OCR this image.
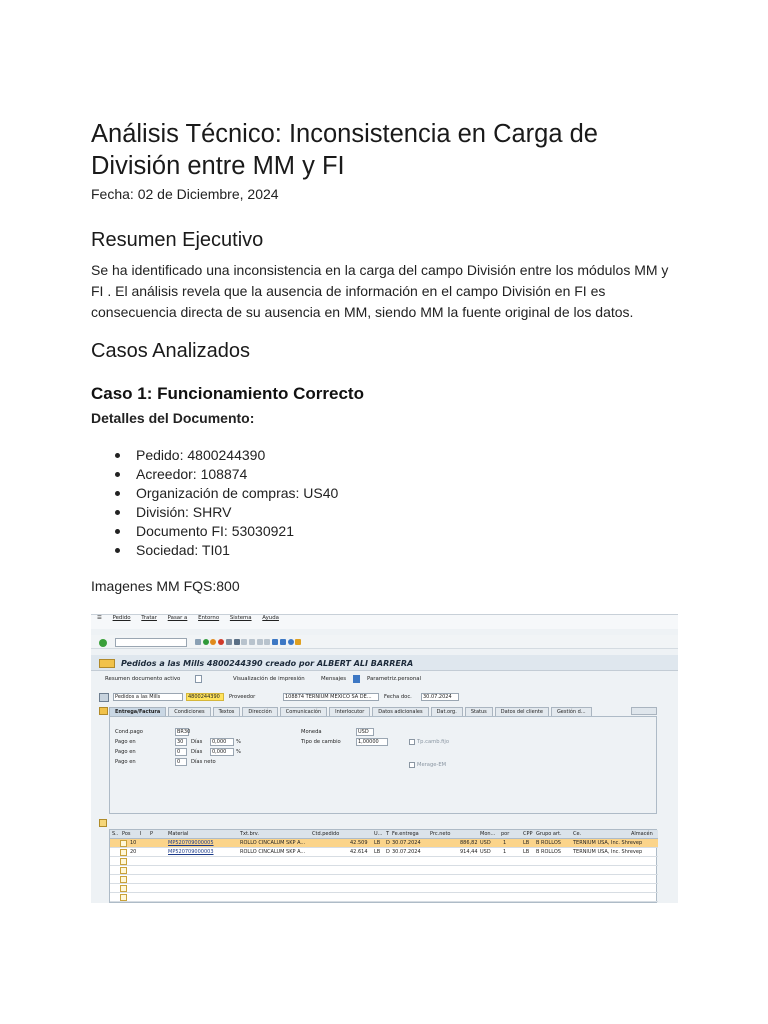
Análisis Técnico: Inconsistencia en Carga de División entre MM y FI
Fecha: 02 de Diciembre, 2024
Resumen Ejecutivo
Se ha identificado una inconsistencia en la carga del campo División entre los módulos MM y FI . El análisis revela que la ausencia de información en el campo División en FI es consecuencia directa de su ausencia en MM, siendo MM la fuente original de los datos.
Casos Analizados
Caso 1: Funcionamiento Correcto
Detalles del Documento:
Pedido: 4800244390
Acreedor: 108874
Organización de compras: US40
División: SHRV
Documento FI: 53030921
Sociedad: TI01
Imagenes MM FQS:800
☰ Pedido Tratar Pasar a Entorno Sistema Ayuda

Pedidos a las Mills 4800244390 creado por ALBERT ALI BARRERA
Resumen documento activo	Visualización de impresión	Mensajes	Parametriz.personal
Pedidos a las Mills	4800244390	Proveedor	108874 TERNIUM MEXICO SA DE...	Fecha doc.	30.07.2024
Entrega/Factura	Condiciones	Textos	Dirección	Comunicación	Interlocutor	Datos adicionales	Dat.org.	Status	Datos del cliente	Gestión d...
Cond.pago	BR30
Pago en	30	Días	0,000	%
Pago en	0	Días	0,000	%
Pago en	0	Días neto
Moneda	USD
Tipo de cambio	1,00000	Tp.camb.fijo
Merage-EM
S.. Pos I P	Material	Txt.brv.	Ctd.pedido	U... T Fe.entrega Prc.neto	Mon... por	CPP Grupo art. Ce.	Almacén
10	MP520709000005	ROLLO CINCALUM SKP A...	42.509 LB D 30.07.2024	886,82 USD 1	LB B ROLLOS TERNIUM USA, Inc. Shrevep
20	MP520709000003	ROLLO CINCALUM SKP A...	42.614 LB D 30.07.2024	914,44 USD 1	LB B ROLLOS TERNIUM USA, Inc. Shrevep
